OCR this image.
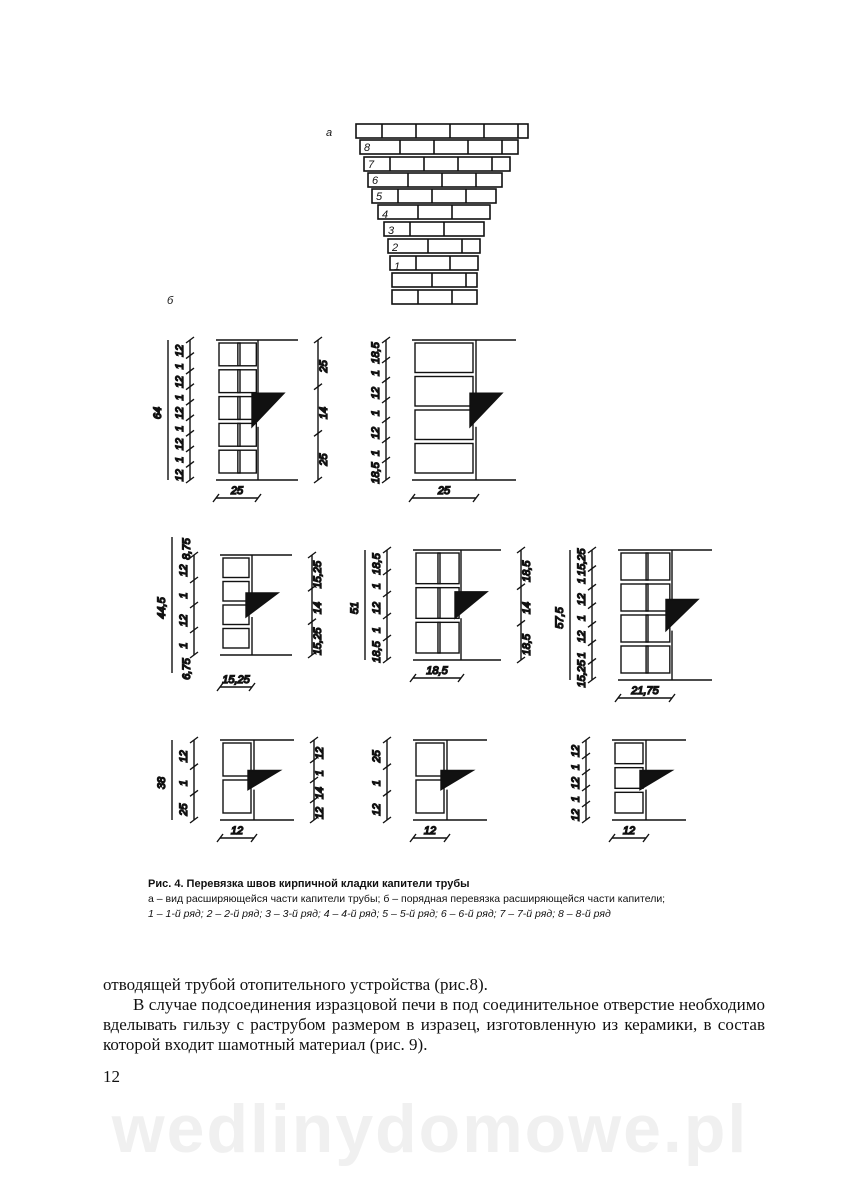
8
7
6
5
4
3
2
1
а
б
12
1
12
1
12
1
12
1
12
64
25
14
25
25
18,5
1
12
1
12
1
18,5
25
12
1
12
1
44,5
8,75
6,75
15,25
14
15,25
15,25
18,5
1
12
1
18,5
51
18,5
14
18,5
18,5
15,25
1
12
1
12
1
15,25
57,5
21,75
12
1
25
38
12
1
14
12
12
25
1
12
12
12
1
12
1
12
12
Рис. 4. Перевязка швов кирпичной кладки капители трубы
а – вид расширяющейся части капители трубы; б – порядная перевязка расширяющейся части капители;
1 – 1-й ряд; 2 – 2-й ряд; 3 – 3-й ряд; 4 – 4-й ряд; 5 – 5-й ряд; 6 – 6-й ряд; 7 – 7-й ряд; 8 – 8-й ряд

отводящей трубой отопительного устройства (рис.8).

В случае подсоединения изразцовой печи в под соединительное отверстие необходимо вделывать гильзу с раструбом размером в изразец, изготовленную из керамики, в состав которой входит шамотный материал (рис. 9).

12
wedlinydomowe.pl
